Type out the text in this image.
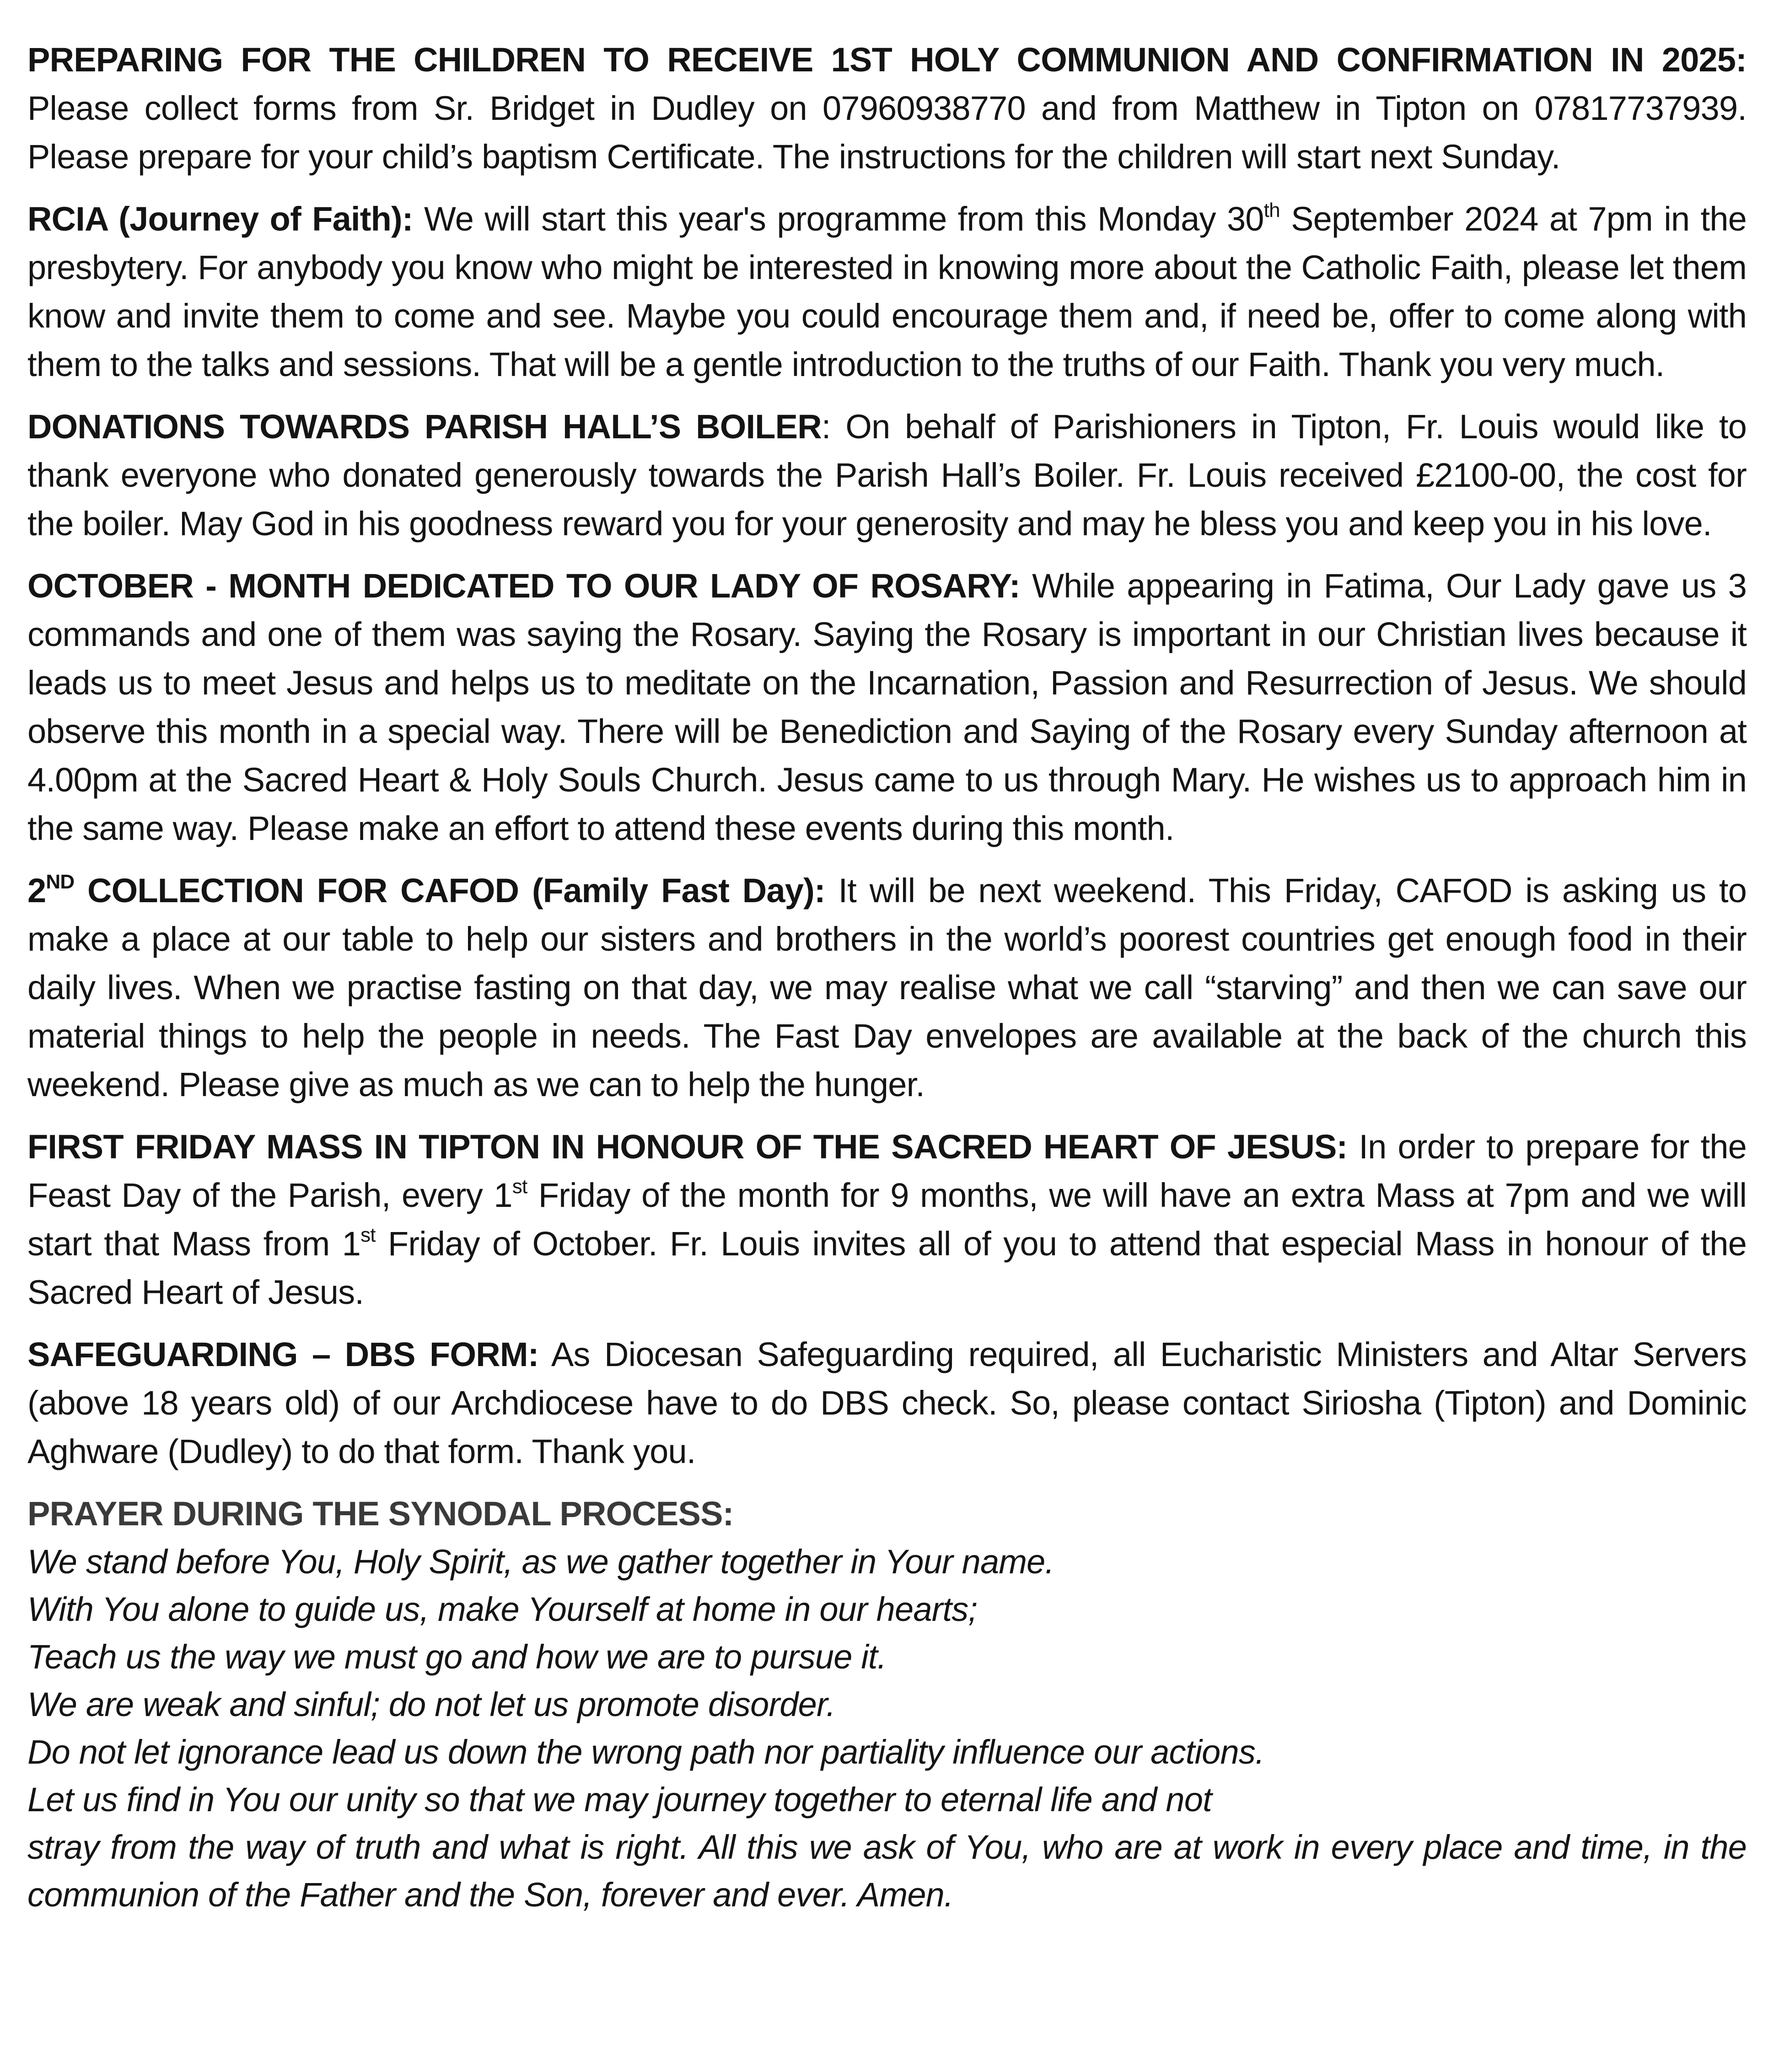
PREPARING FOR THE CHILDREN TO RECEIVE 1ST HOLY COMMUNION AND CONFIRMATION IN 2025: Please collect forms from Sr. Bridget in Dudley on 07960938770 and from Matthew in Tipton on 07817737939. Please prepare for your child’s baptism Certificate. The instructions for the children will start next Sunday.

RCIA (Journey of Faith): We will start this year's programme from this Monday 30th September 2024 at 7pm in the presbytery. For anybody you know who might be interested in knowing more about the Catholic Faith, please let them know and invite them to come and see. Maybe you could encourage them and, if need be, offer to come along with them to the talks and sessions. That will be a gentle introduction to the truths of our Faith. Thank you very much.

DONATIONS TOWARDS PARISH HALL’S BOILER: On behalf of Parishioners in Tipton, Fr. Louis would like to thank everyone who donated generously towards the Parish Hall’s Boiler. Fr. Louis received £2100-00, the cost for the boiler. May God in his goodness reward you for your generosity and may he bless you and keep you in his love.

OCTOBER - MONTH DEDICATED TO OUR LADY OF ROSARY: While appearing in Fatima, Our Lady gave us 3 commands and one of them was saying the Rosary. Saying the Rosary is important in our Christian lives because it leads us to meet Jesus and helps us to meditate on the Incarnation, Passion and Resurrection of Jesus. We should observe this month in a special way. There will be Benediction and Saying of the Rosary every Sunday afternoon at 4.00pm at the Sacred Heart & Holy Souls Church. Jesus came to us through Mary. He wishes us to approach him in the same way. Please make an effort to attend these events during this month.

2ND COLLECTION FOR CAFOD (Family Fast Day): It will be next weekend. This Friday, CAFOD is asking us to make a place at our table to help our sisters and brothers in the world’s poorest countries get enough food in their daily lives. When we practise fasting on that day, we may realise what we call “starving” and then we can save our material things to help the people in needs. The Fast Day envelopes are available at the back of the church this weekend. Please give as much as we can to help the hunger.

FIRST FRIDAY MASS IN TIPTON IN HONOUR OF THE SACRED HEART OF JESUS: In order to prepare for the Feast Day of the Parish, every 1st Friday of the month for 9 months, we will have an extra Mass at 7pm and we will start that Mass from 1st Friday of October. Fr. Louis invites all of you to attend that especial Mass in honour of the Sacred Heart of Jesus.

SAFEGUARDING – DBS FORM: As Diocesan Safeguarding required, all Eucharistic Ministers and Altar Servers (above 18 years old) of our Archdiocese have to do DBS check. So, please contact Siriosha (Tipton) and Dominic Aghware (Dudley) to do that form. Thank you.

PRAYER DURING THE SYNODAL PROCESS:
We stand before You, Holy Spirit, as we gather together in Your name.
With You alone to guide us, make Yourself at home in our hearts;
Teach us the way we must go and how we are to pursue it.
We are weak and sinful; do not let us promote disorder.
Do not let ignorance lead us down the wrong path nor partiality influence our actions.
Let us find in You our unity so that we may journey together to eternal life and not
stray from the way of truth and what is right. All this we ask of You, who are at work in every place and time, in the communion of the Father and the Son, forever and ever. Amen.
